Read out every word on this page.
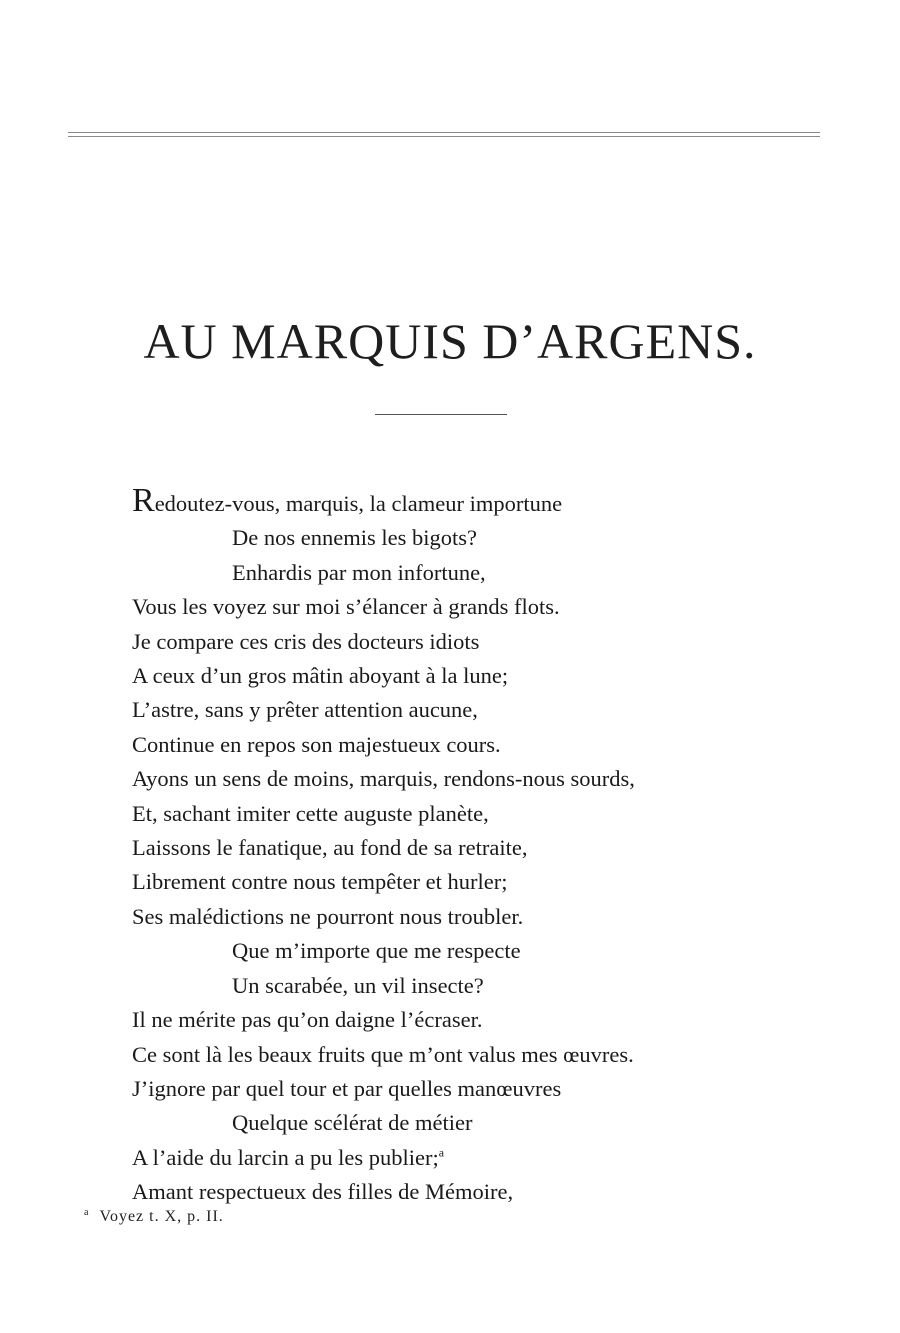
AU MARQUIS D’ARGENS.
Redoutez-vous, marquis, la clameur importune
De nos ennemis les bigots?
Enhardis par mon infortune,
Vous les voyez sur moi s’élancer à grands flots.
Je compare ces cris des docteurs idiots
A ceux d’un gros mâtin aboyant à la lune;
L’astre, sans y prêter attention aucune,
Continue en repos son majestueux cours.
Ayons un sens de moins, marquis, rendons-nous sourds,
Et, sachant imiter cette auguste planète,
Laissons le fanatique, au fond de sa retraite,
Librement contre nous tempêter et hurler;
Ses malédictions ne pourront nous troubler.
Que m’importe que me respecte
Un scarabée, un vil insecte?
Il ne mérite pas qu’on daigne l’écraser.
Ce sont là les beaux fruits que m’ont valus mes œuvres.
J’ignore par quel tour et par quelles manœuvres
Quelque scélérat de métier
A l’aide du larcin a pu les publier;$^a$
Amant respectueux des filles de Mémoire,
$^a$ Voyez t. X, p. II.
